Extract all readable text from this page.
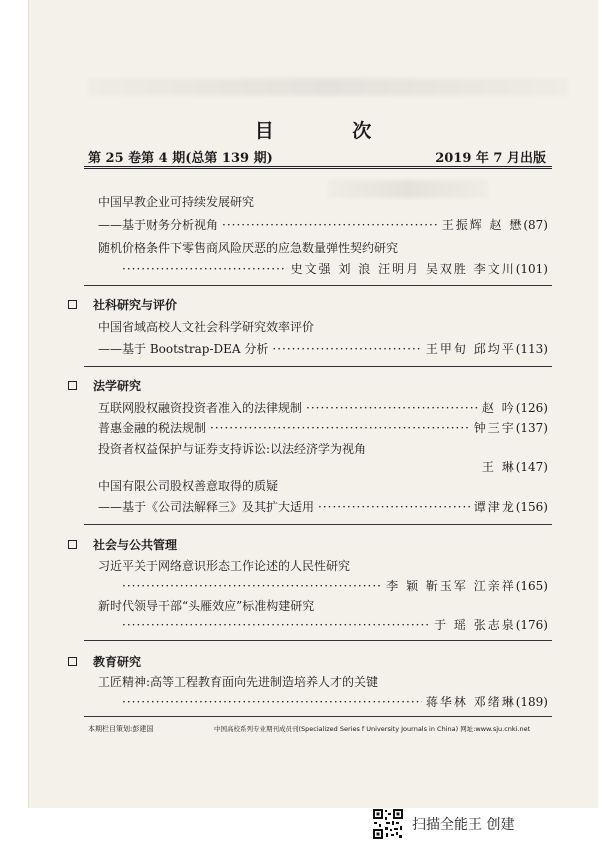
目 次
第 25 卷第 4 期(总第 139 期)	2019 年 7 月出版
中国早教企业可持续发展研究
——基于财务分析视角 ·····	王振辉 赵 懋 (87)
随机价格条件下零售商风险厌恶的应急数量弹性契约研究
·····
史文强 刘 浪 汪明月 吴双胜 李文川 (101)
社科研究与评价
中国省域高校人文社会科学研究效率评价
——基于 Bootstrap-DEA 分析 ·····	王甲旬 邱均平 (113)
法学研究
互联网股权融资投资者准入的法律规制 ·····	赵 吟 (126)
普惠金融的税法规制 ·····	钟三宇 (137)
投资者权益保护与证券支持诉讼:以法经济学为视角
王 琳 (147)
中国有限公司股权善意取得的质疑
——基于《公司法解释三》及其扩大适用 ·····	谭津龙 (156)
社会与公共管理
习近平关于网络意识形态工作论述的人民性研究
·····
李 颖 靳玉军 江亲祥 (165)
新时代领导干部“头雁效应”标准构建研究
·····
于 瑶 张志泉 (176)
教育研究
工匠精神:高等工程教育面向先进制造培养人才的关键
·····
蒋华林 邓绪琳 (189)
本期栏目策划:彭建国	中国高校系列专业期刊成员刊(Specialized Series f University Journals in China) 网址:www.sju.cnki.net
扫描全能王 创建
